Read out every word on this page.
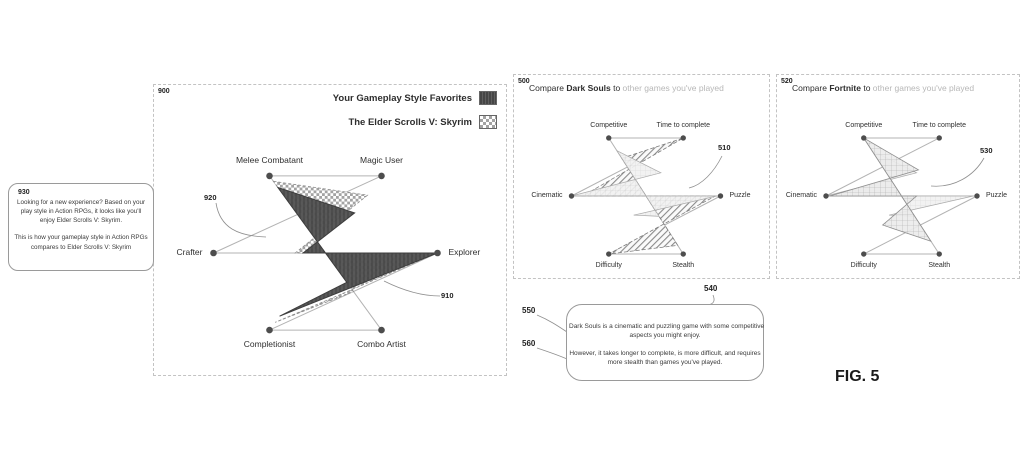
900
Your Gameplay Style Favorites
The Elder Scrolls V: Skyrim
500
Compare Dark Souls to other games you've played
520
Compare Fortnite to other games you've played
930
Looking for a new experience? Based on your
play style in Action RPGs, it looks like you'll
enjoy Elder Scrolls V: Skyrim.
This is how your gameplay style in Action RPGs
compares to Elder Scrolls V: Skyrim
Dark Souls is a cinematic and puzzling game with some competitive
aspects you might enjoy.
However, it takes longer to complete, is more difficult, and requires
more stealth than games you've played.
540
550
560
FIG. 5
Melee Combatant	Magic User
Crafter	Explorer
Completionist	Combo Artist
920
910
Competitive	Time to complete
Cinematic	Puzzle
Difficulty	Stealth
510
Competitive	Time to complete
Cinematic	Puzzle
Difficulty	Stealth
530
